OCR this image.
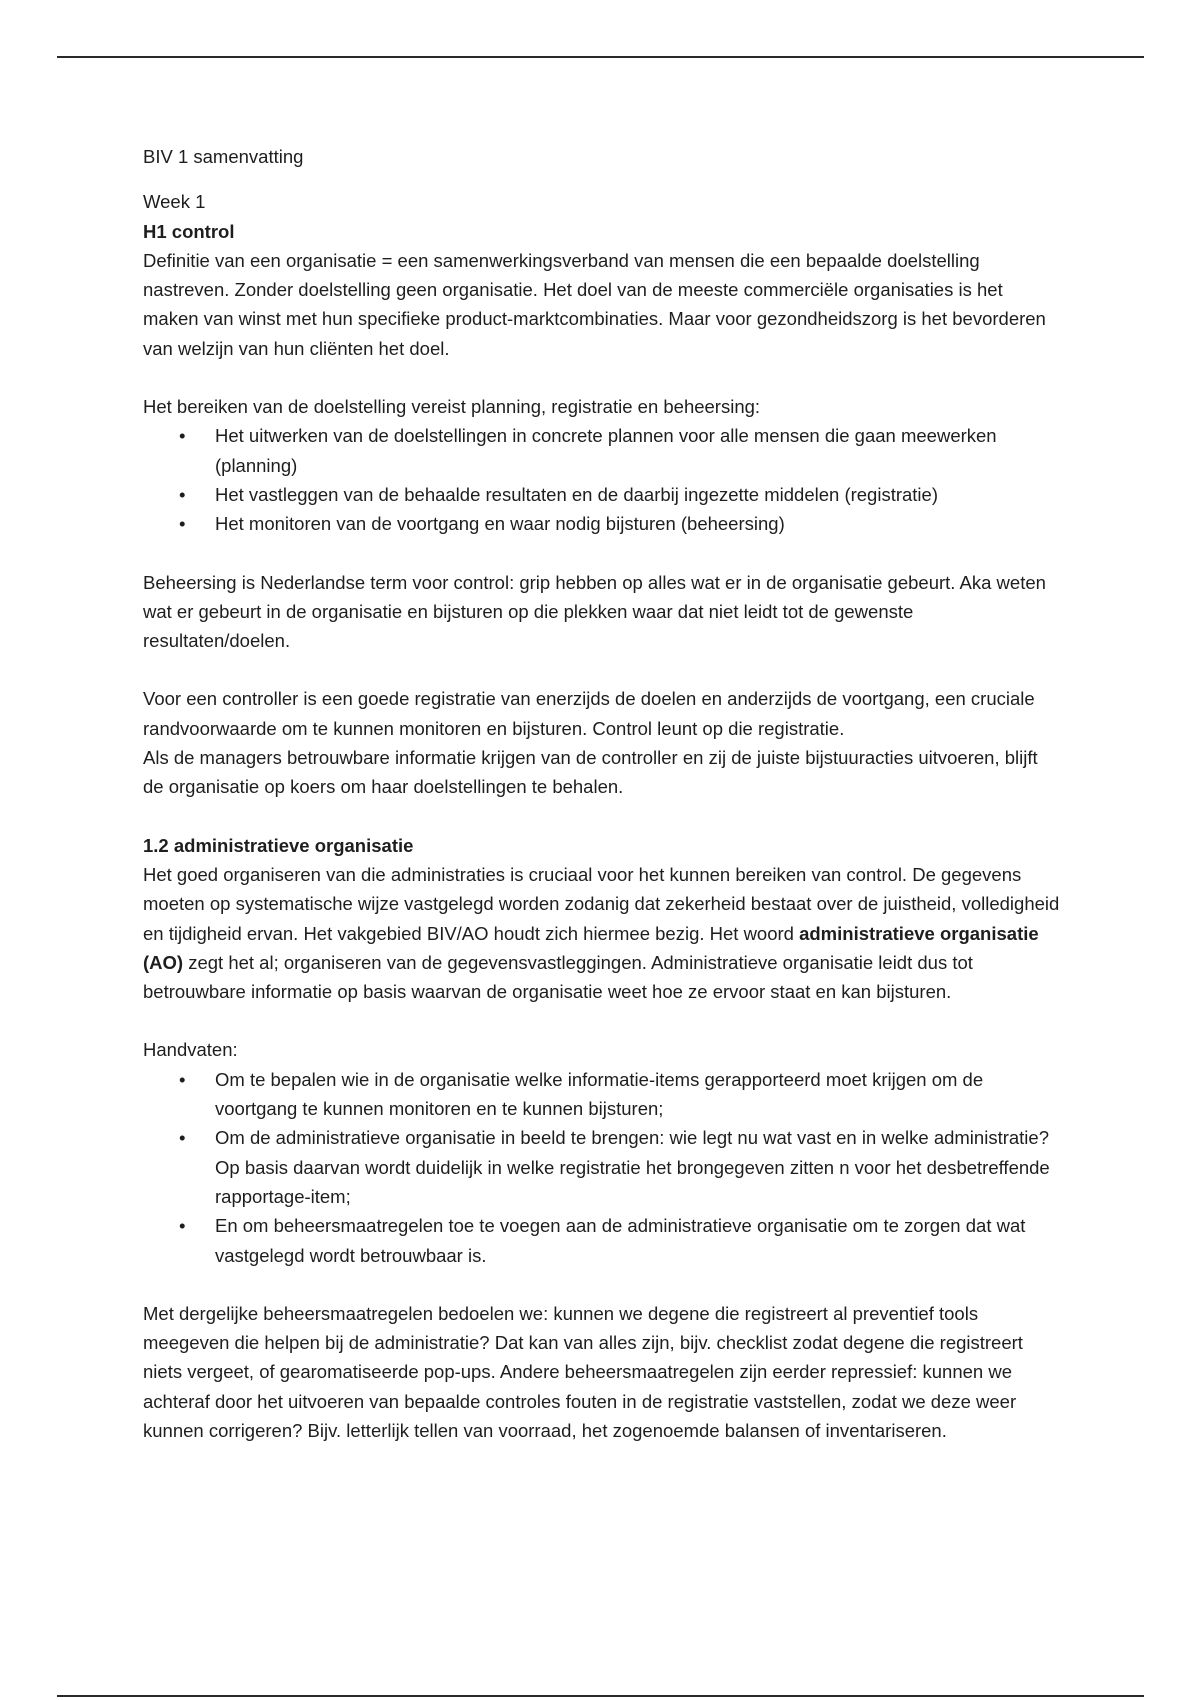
BIV 1 samenvatting

Week 1

H1 control

Definitie van een organisatie = een samenwerkingsverband van mensen die een bepaalde doelstelling nastreven. Zonder doelstelling geen organisatie. Het doel van de meeste commerciële organisaties is het maken van winst met hun specifieke product-marktcombinaties. Maar voor gezondheidszorg is het bevorderen van welzijn van hun cliënten het doel.

Het bereiken van de doelstelling vereist planning, registratie en beheersing:

• Het uitwerken van de doelstellingen in concrete plannen voor alle mensen die gaan meewerken (planning)
• Het vastleggen van de behaalde resultaten en de daarbij ingezette middelen (registratie)
• Het monitoren van de voortgang en waar nodig bijsturen (beheersing)

Beheersing is Nederlandse term voor control: grip hebben op alles wat er in de organisatie gebeurt. Aka weten wat er gebeurt in de organisatie en bijsturen op die plekken waar dat niet leidt tot de gewenste resultaten/doelen.

Voor een controller is een goede registratie van enerzijds de doelen en anderzijds de voortgang, een cruciale randvoorwaarde om te kunnen monitoren en bijsturen. Control leunt op die registratie.

Als de managers betrouwbare informatie krijgen van de controller en zij de juiste bijstuuracties uitvoeren, blijft de organisatie op koers om haar doelstellingen te behalen.

1.2 administratieve organisatie

Het goed organiseren van die administraties is cruciaal voor het kunnen bereiken van control. De gegevens moeten op systematische wijze vastgelegd worden zodanig dat zekerheid bestaat over de juistheid, volledigheid en tijdigheid ervan. Het vakgebied BIV/AO houdt zich hiermee bezig. Het woord administratieve organisatie (AO) zegt het al; organiseren van de gegevensvastleggingen. Administratieve organisatie leidt dus tot betrouwbare informatie op basis waarvan de organisatie weet hoe ze ervoor staat en kan bijsturen.

Handvaten:

• Om te bepalen wie in de organisatie welke informatie-items gerapporteerd moet krijgen om de voortgang te kunnen monitoren en te kunnen bijsturen;
• Om de administratieve organisatie in beeld te brengen: wie legt nu wat vast en in welke administratie? Op basis daarvan wordt duidelijk in welke registratie het brongegeven zitten n voor het desbetreffende rapportage-item;
• En om beheersmaatregelen toe te voegen aan de administratieve organisatie om te zorgen dat wat vastgelegd wordt betrouwbaar is.

Met dergelijke beheersmaatregelen bedoelen we: kunnen we degene die registreert al preventief tools meegeven die helpen bij de administratie? Dat kan van alles zijn, bijv. checklist zodat degene die registreert niets vergeet, of gearomatiseerde pop-ups. Andere beheersmaatregelen zijn eerder repressief: kunnen we achteraf door het uitvoeren van bepaalde controles fouten in de registratie vaststellen, zodat we deze weer kunnen corrigeren? Bijv. letterlijk tellen van voorraad, het zogenoemde balansen of inventariseren.
